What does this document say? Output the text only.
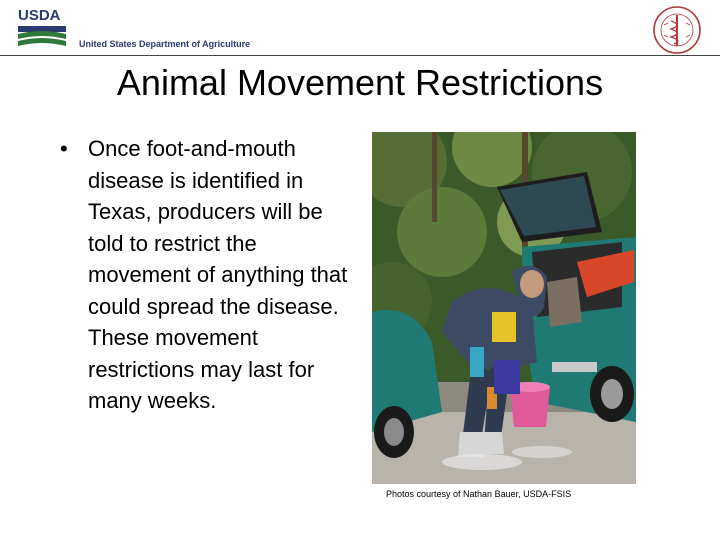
USDA

United States Department of Agriculture

Animal Movement Restrictions
• Once foot-and-mouth disease is identified in Texas, producers will be told to restrict the movement of anything that could spread the disease. These movement restrictions may last for many weeks.

Photos courtesy of Nathan Bauer, USDA-FSIS
